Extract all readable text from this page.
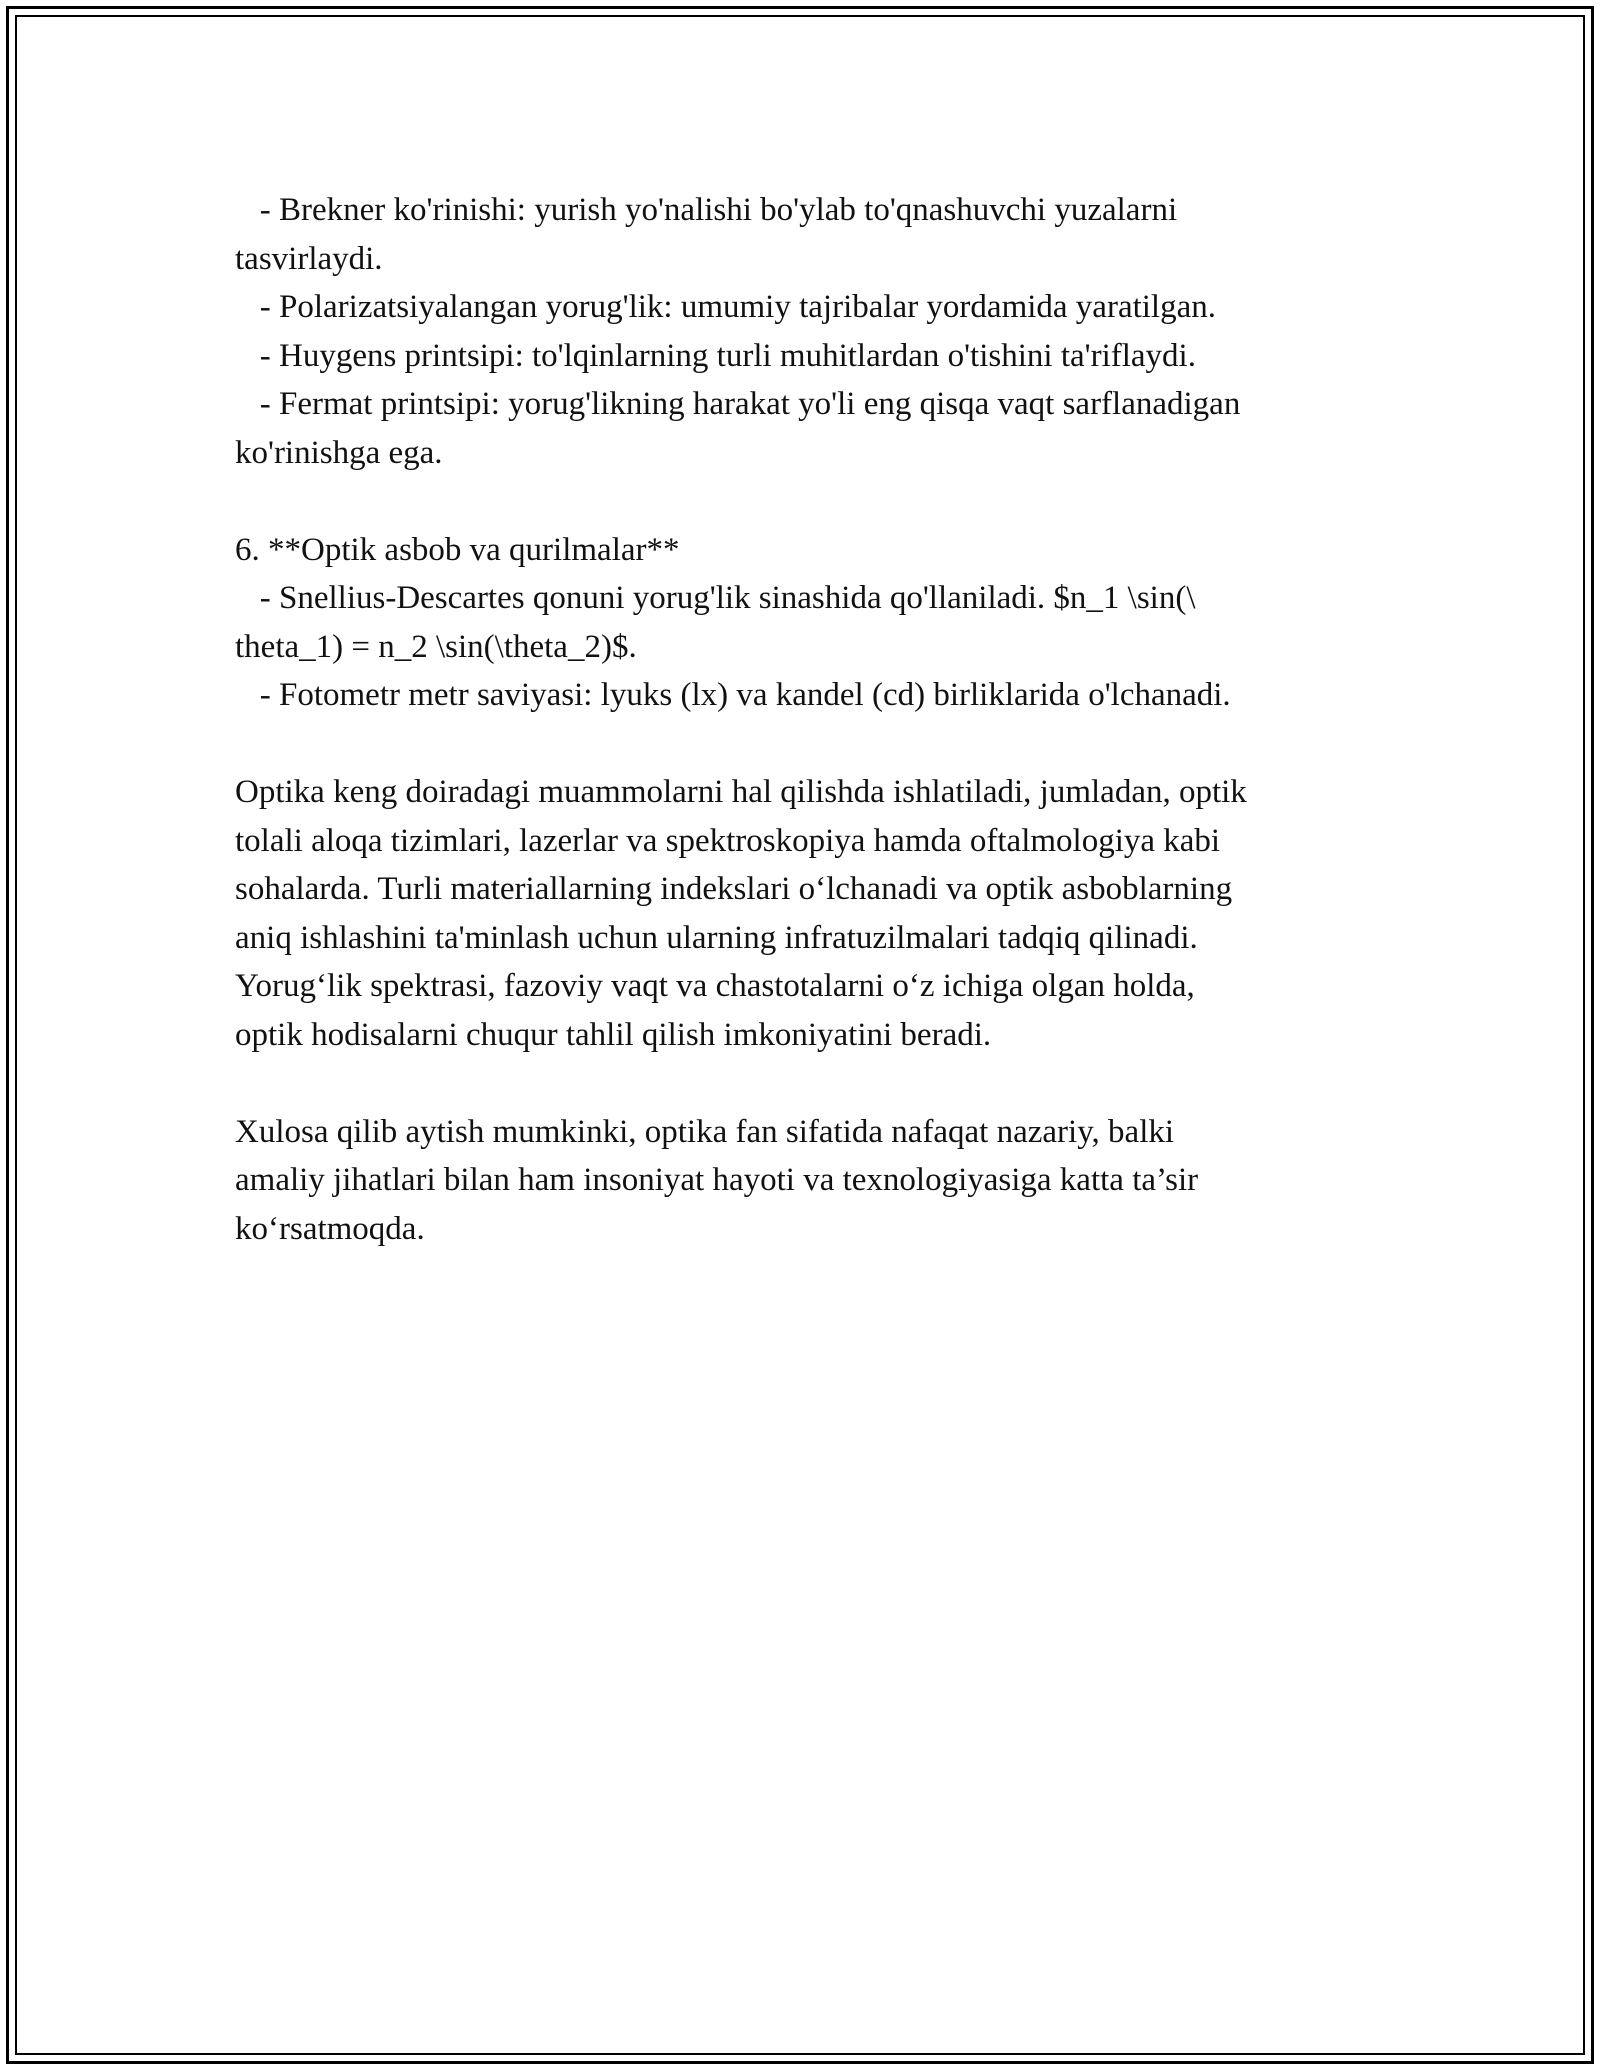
- Brekner ko'rinishi: yurish yo'nalishi bo'ylab to'qnashuvchi yuzalarni
tasvirlaydi.
- Polarizatsiyalangan yorug'lik: umumiy tajribalar yordamida yaratilgan.
- Huygens printsipi: to'lqinlarning turli muhitlardan o'tishini ta'riflaydi.
- Fermat printsipi: yorug'likning harakat yo'li eng qisqa vaqt sarflanadigan
ko'rinishga ega.
6. **Optik asbob va qurilmalar**
- Snellius-Descartes qonuni yorug'lik sinashida qo'llaniladi. $n_1 \sin(\
theta_1) = n_2 \sin(\theta_2)$.
- Fotometr metr saviyasi: lyuks (lx) va kandel (cd) birliklarida o'lchanadi.
Optika keng doiradagi muammolarni hal qilishda ishlatiladi, jumladan, optik
tolali aloqa tizimlari, lazerlar va spektroskopiya hamda oftalmologiya kabi
sohalarda. Turli materiallarning indekslari o‘lchanadi va optik asboblarning
aniq ishlashini ta'minlash uchun ularning infratuzilmalari tadqiq qilinadi.
Yorug‘lik spektrasi, fazoviy vaqt va chastotalarni o‘z ichiga olgan holda,
optik hodisalarni chuqur tahlil qilish imkoniyatini beradi.
Xulosa qilib aytish mumkinki, optika fan sifatida nafaqat nazariy, balki
amaliy jihatlari bilan ham insoniyat hayoti va texnologiyasiga katta ta’sir
ko‘rsatmoqda.
